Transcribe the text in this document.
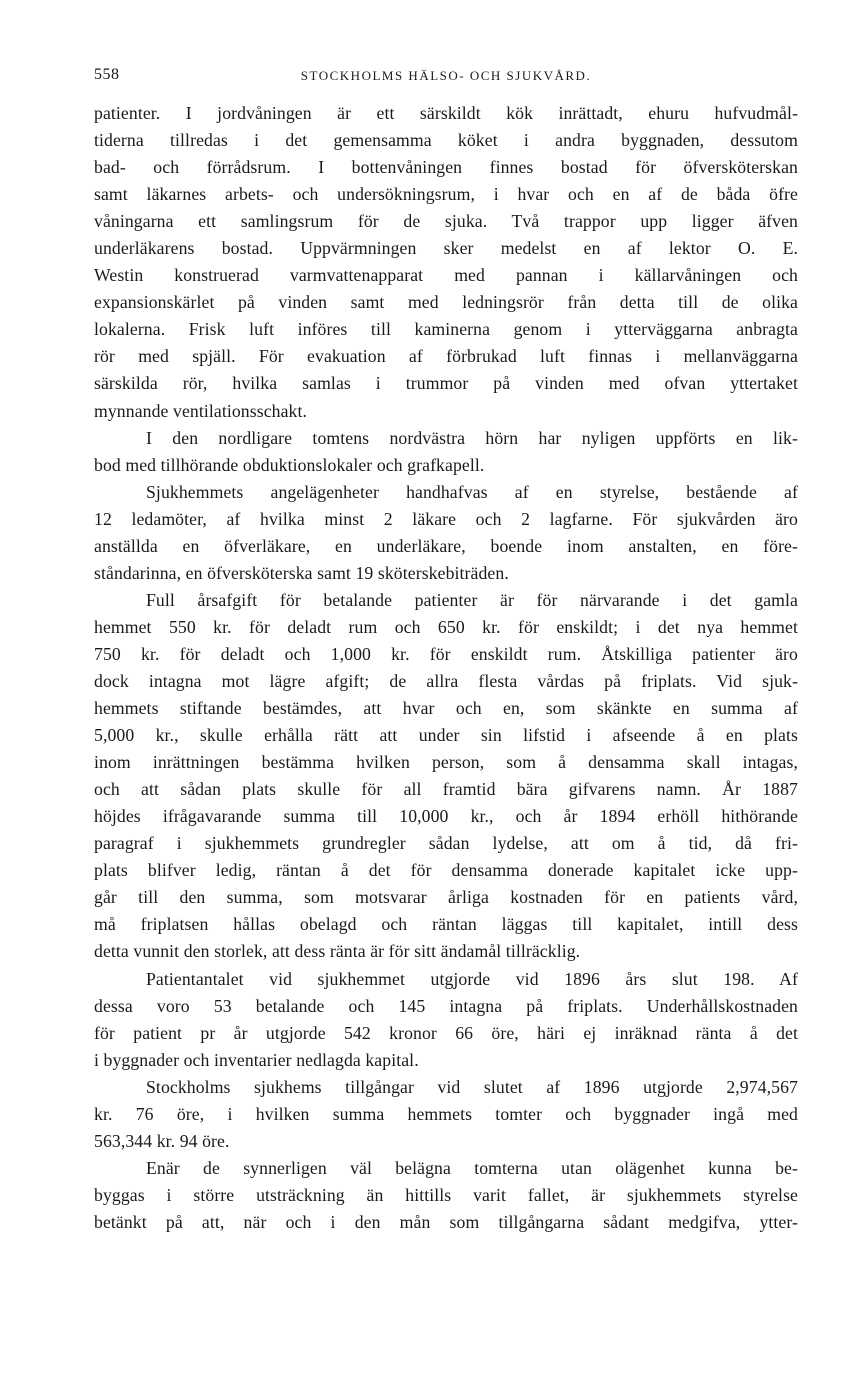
558	STOCKHOLMS HÄLSO- OCH SJUKVÅRD.
patienter. I jordvåningen är ett särskildt kök inrättadt, ehuru hufvudmål-
tiderna tillredas i det gemensamma köket i andra byggnaden, dessutom
bad- och förrådsrum. I bottenvåningen finnes bostad för öfversköterskan
samt läkarnes arbets- och undersökningsrum, i hvar och en af de båda öfre
våningarna ett samlingsrum för de sjuka. Två trappor upp ligger äfven
underläkarens bostad. Uppvärmningen sker medelst en af lektor O. E.
Westin konstruerad varmvattenapparat med pannan i källarvåningen och
expansionskärlet på vinden samt med ledningsrör från detta till de olika
lokalerna. Frisk luft införes till kaminerna genom i ytterväggarna anbragta
rör med spjäll. För evakuation af förbrukad luft finnas i mellanväggarna
särskilda rör, hvilka samlas i trummor på vinden med ofvan yttertaket
mynnande ventilationsschakt.
I den nordligare tomtens nordvästra hörn har nyligen uppförts en lik-
bod med tillhörande obduktionslokaler och grafkapell.
Sjukhemmets angelägenheter handhafvas af en styrelse, bestående af
12 ledamöter, af hvilka minst 2 läkare och 2 lagfarne. För sjukvården äro
anställda en öfverläkare, en underläkare, boende inom anstalten, en före-
ståndarinna, en öfversköterska samt 19 sköterskebiträden.
Full årsafgift för betalande patienter är för närvarande i det gamla
hemmet 550 kr. för deladt rum och 650 kr. för enskildt; i det nya hemmet
750 kr. för deladt och 1,000 kr. för enskildt rum. Åtskilliga patienter äro
dock intagna mot lägre afgift; de allra flesta vårdas på friplats. Vid sjuk-
hemmets stiftande bestämdes, att hvar och en, som skänkte en summa af
5,000 kr., skulle erhålla rätt att under sin lifstid i afseende å en plats
inom inrättningen bestämma hvilken person, som å densamma skall intagas,
och att sådan plats skulle för all framtid bära gifvarens namn. År 1887
höjdes ifrågavarande summa till 10,000 kr., och år 1894 erhöll hithörande
paragraf i sjukhemmets grundregler sådan lydelse, att om å tid, då fri-
plats blifver ledig, räntan å det för densamma donerade kapitalet icke upp-
går till den summa, som motsvarar årliga kostnaden för en patients vård,
må friplatsen hållas obelagd och räntan läggas till kapitalet, intill dess
detta vunnit den storlek, att dess ränta är för sitt ändamål tillräcklig.
Patientantalet vid sjukhemmet utgjorde vid 1896 års slut 198. Af
dessa voro 53 betalande och 145 intagna på friplats. Underhållskostnaden
för patient pr år utgjorde 542 kronor 66 öre, häri ej inräknad ränta å det
i byggnader och inventarier nedlagda kapital.
Stockholms sjukhems tillgångar vid slutet af 1896 utgjorde 2,974,567
kr. 76 öre, i hvilken summa hemmets tomter och byggnader ingå med
563,344 kr. 94 öre.
Enär de synnerligen väl belägna tomterna utan olägenhet kunna be-
byggas i större utsträckning än hittills varit fallet, är sjukhemmets styrelse
betänkt på att, när och i den mån som tillgångarna sådant medgifva, ytter-
